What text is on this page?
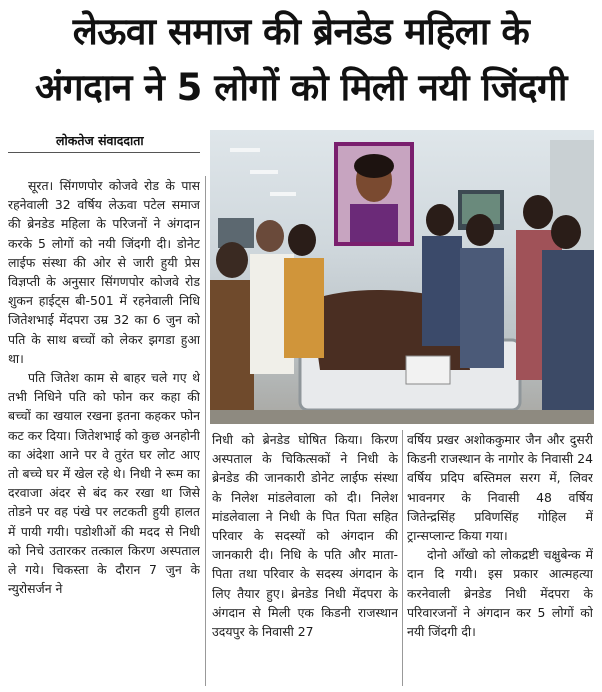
लेऊवा समाज की ब्रेनडेड महिला के
अंगदान ने 5 लोगों को मिली नयी जिंदगी
लोकतेज संवाददाता

सूरत। सिंगणपोर कोजवे रोड के पास रहनेवाली 32 वर्षिय लेऊवा पटेल समाज की ब्रेनडेड महिला के परिजनों ने अंगदान करके 5 लोगों को नयी जिंदगी दी। डोनेट लाईफ संस्था की ओर से जारी हुयी प्रेस विज्ञप्ती के अनुसार सिंगणपोर कोजवे रोड शुकन हाईट्स बी-501 में रहनेवाली निधि जितेशभाई मेंदपरा उम्र 32 का 6 जुन को पति के साथ बच्चों को लेकर झगडा हुआ था।

पति जितेश काम से बाहर चले गए थे तभी निधिने पति को फोन कर कहा की बच्चों का खयाल रखना इतना कहकर फोन कट कर दिया। जितेशभाई को कुछ अनहोनी का अंदेशा आने पर वे तुरंत घर लोट आए तो बच्चे घर में खेल रहे थे। निधी ने रूम का दरवाजा अंदर से बंद कर रखा था जिसे तोडने पर वह पंखे पर लटकती हुयी हालत में पायी गयी। पडोशीओं की मदद से निधी को निचे उतारकर तत्काल किरण अस्पताल ले गये। चिकस्ता के दौरान 7 जुन के न्युरोसर्जन ने

निधी को ब्रेनडेड घोषित किया। किरण अस्पताल के चिकित्सकों ने निधी के ब्रेनडेड की जानकारी डोनेट लाईफ संस्था के निलेश मांडलेवाला को दी। निलेश मांडलेवाला ने निधी के पित पिता सहित परिवार के सदस्यों को अंगदान की जानकारी दी। निधि के पति और माता-पिता तथा परिवार के सदस्य अंगदान के लिए तैयार हुए। ब्रेनडेड निधी मेंदपरा के अंगदान से मिली एक किडनी राजस्थान उदयपुर के निवासी 27

वर्षिय प्रखर अशोककुमार जैन और दुसरी किडनी राजस्थान के नागोर के निवासी 24 वर्षिय प्रदिप बस्तिमल सरग में, लिवर भावनगर के निवासी 48 वर्षिय जितेन्द्रसिंह प्रविणसिंह गोहिल में ट्रान्सप्लान्ट किया गया।

दोनो आँखो को लोकद्रष्टी चक्षुबेन्क में दान दि गयी। इस प्रकार आत्महत्या करनेवाली ब्रेनडेड निधी मेंदपरा के परिवारजनों ने अंगदान कर 5 लोगों को नयी जिंदगी दी।
